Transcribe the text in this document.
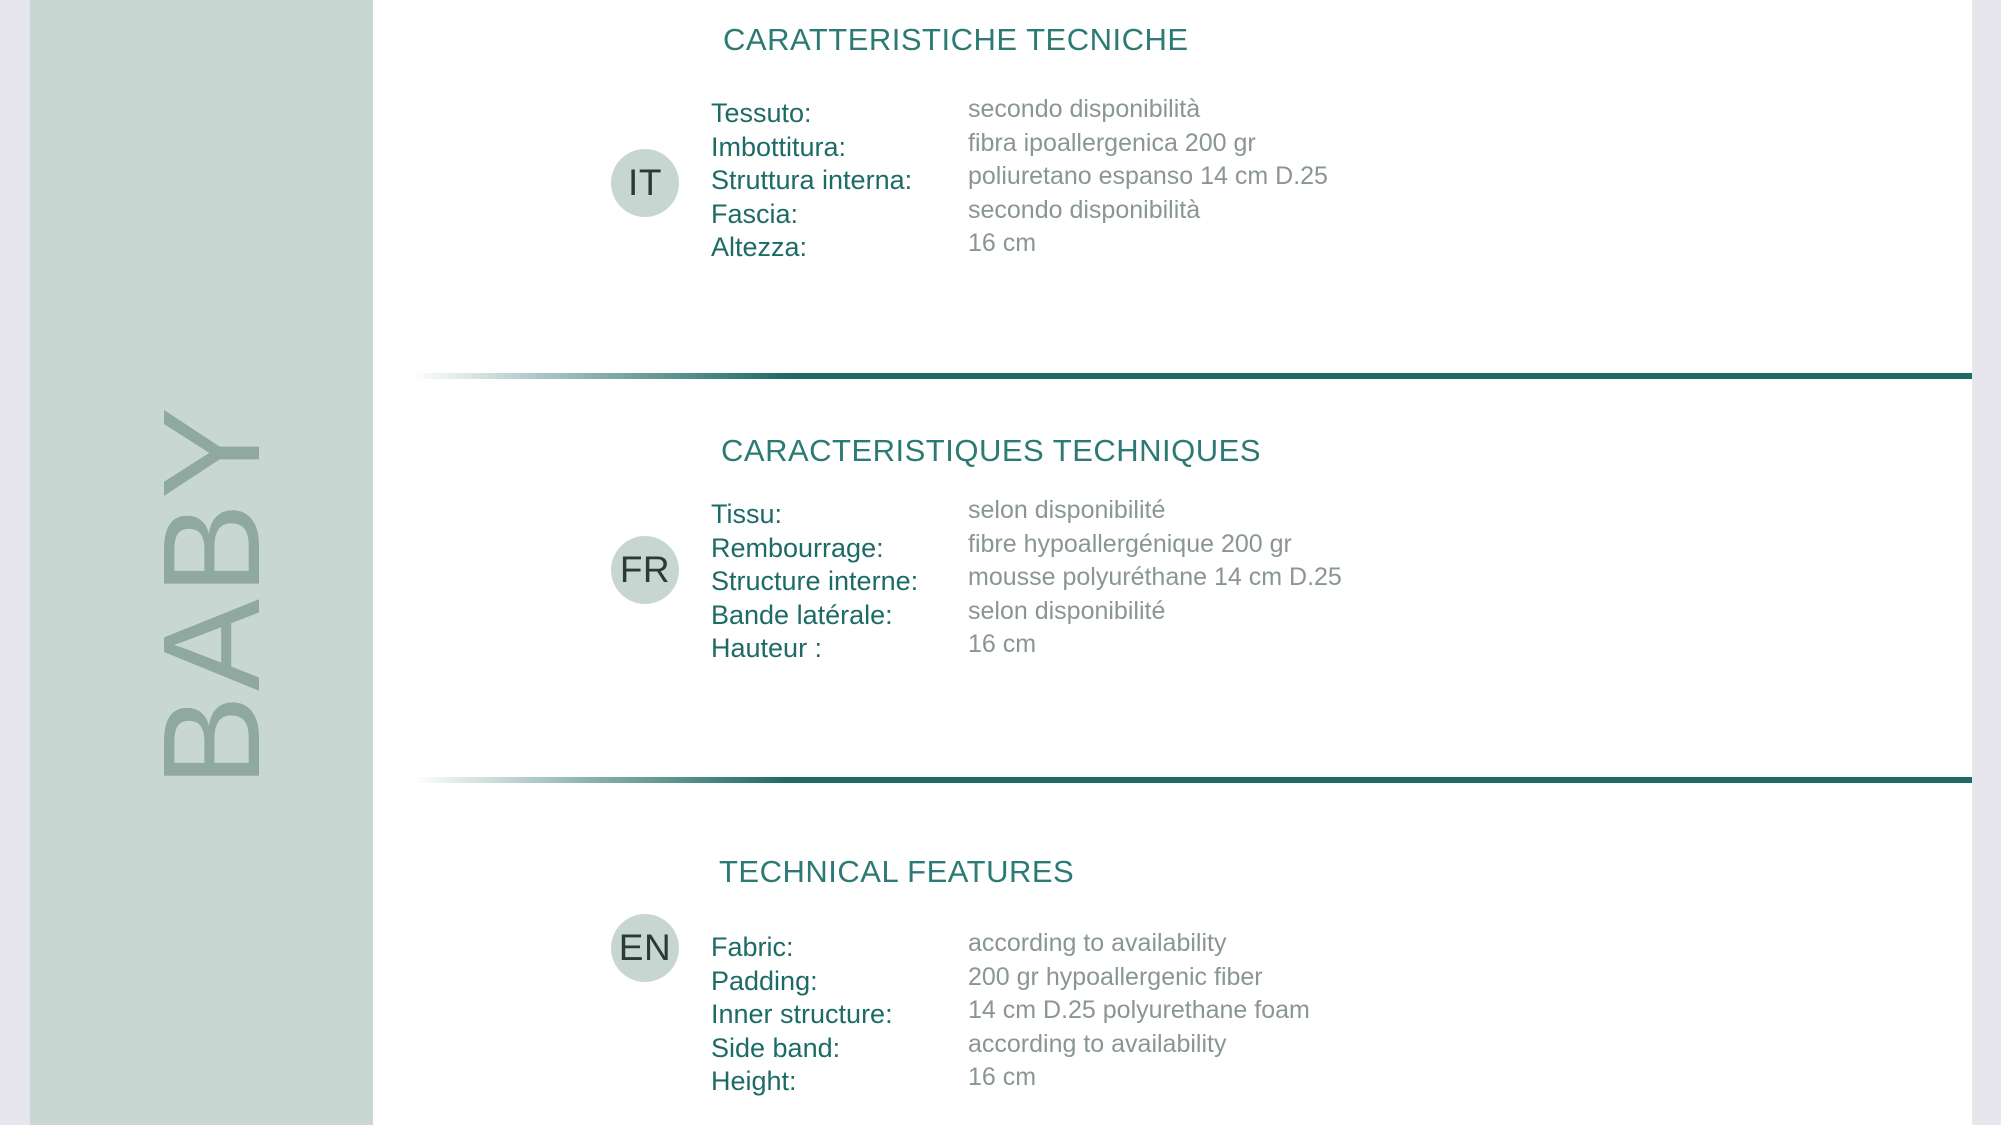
BABY
CARATTERISTICHE TECNICHE
IT
Tessuto:	secondo disponibilità
Imbottitura:	fibra ipoallergenica 200 gr
Struttura interna: poliuretano espanso 14 cm D.25
Fascia:	secondo disponibilità
Altezza:	16 cm
CARACTERISTIQUES TECHNIQUES
FR
Tissu:	selon disponibilité
Rembourrage:	fibre hypoallergénique 200 gr
Structure interne: mousse polyuréthane 14 cm D.25
Bande latérale:	selon disponibilité
Hauteur :	16 cm
TECHNICAL FEATURES
EN Fabric:	according to availability
Padding:	200 gr hypoallergenic fiber
Inner structure:	14 cm D.25 polyurethane foam
Side band:	according to availability
Height:	16 cm
